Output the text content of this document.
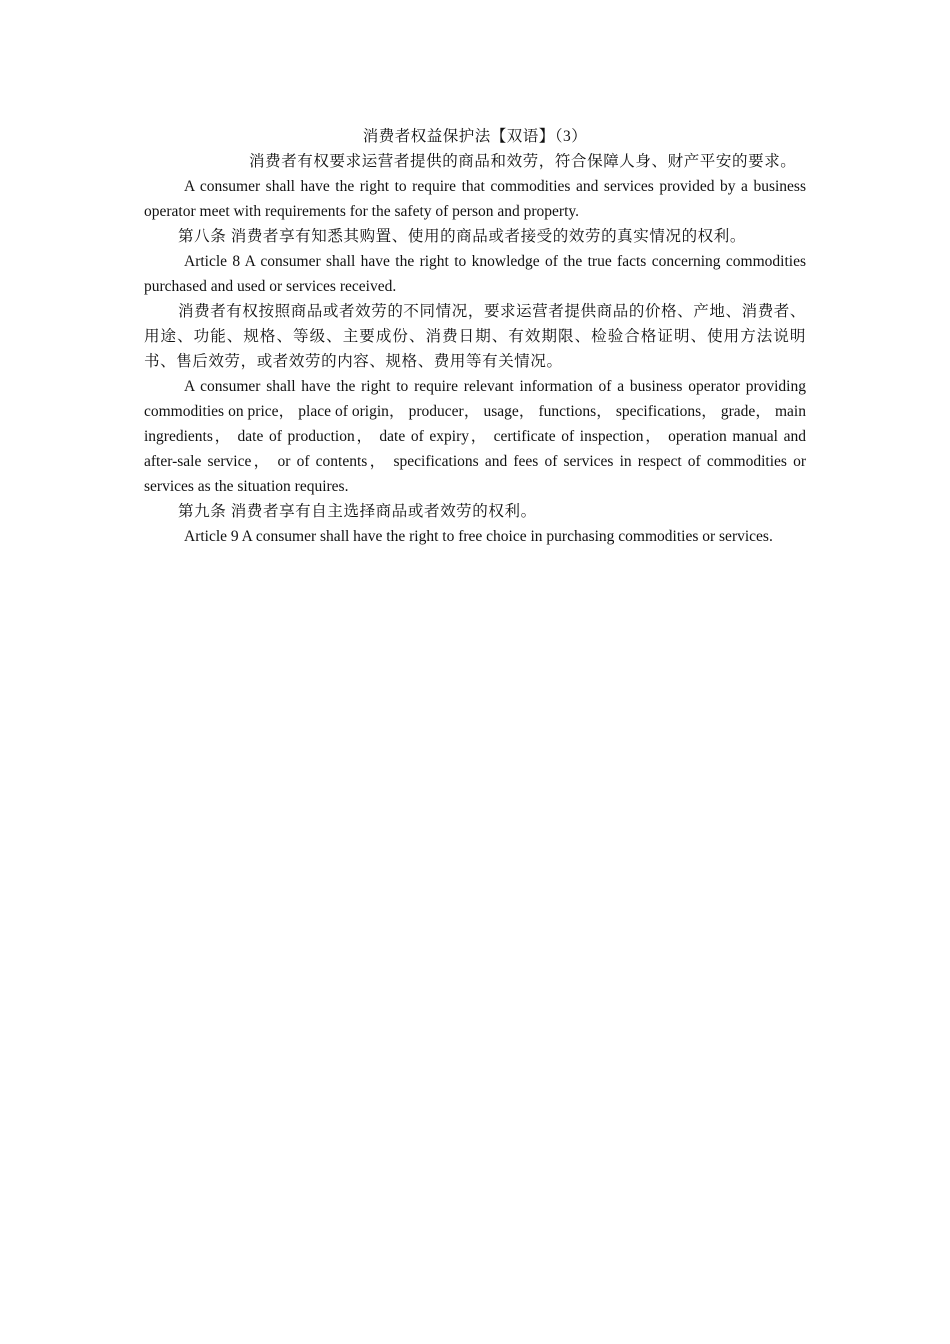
消费者权益保护法【双语】（3）

消费者有权要求运营者提供的商品和效劳，符合保障人身、财产平安的要求。

A consumer shall have the right to require that commodities and services provided by a business operator meet with requirements for the safety of person and property.

第八条 消费者享有知悉其购置、使用的商品或者接受的效劳的真实情况的权利。

Article 8 A consumer shall have the right to knowledge of the true facts concerning commodities purchased and used or services received.

消费者有权按照商品或者效劳的不同情况，要求运营者提供商品的价格、产地、消费者、用途、功能、规格、等级、主要成份、消费日期、有效期限、检验合格证明、使用方法说明书、售后效劳，或者效劳的内容、规格、费用等有关情况。

A consumer shall have the right to require relevant information of a business operator providing commodities on price， place of origin， producer， usage， functions， specifications， grade， main ingredients， date of production， date of expiry， certificate of inspection， operation manual and after-sale service， or of contents， specifications and fees of services in respect of commodities or services as the situation requires.

第九条 消费者享有自主选择商品或者效劳的权利。

Article 9 A consumer shall have the right to free choice in purchasing commodities or services.
